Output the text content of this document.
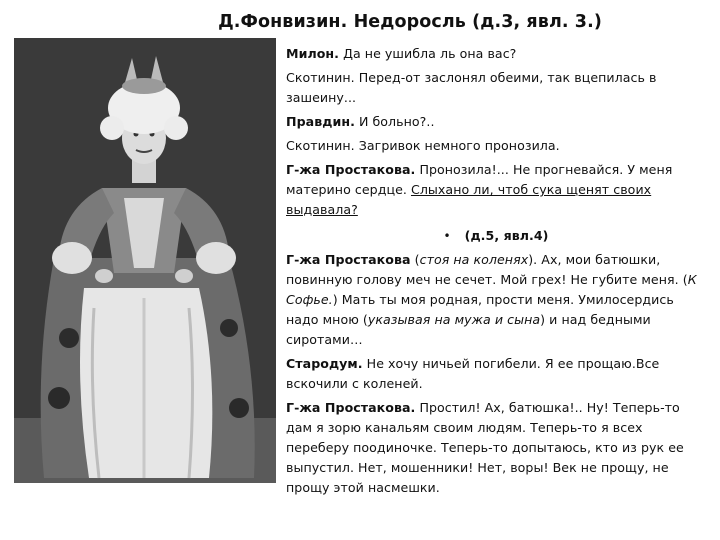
Д.Фонвизин. Недоросль (д.3, явл. 3.)

Милон. Да не ушибла ль она вас?

Скотинин. Перед-от заслонял обеими, так вцепилась в зашеину...

Правдин. И больно?..

Скотинин. Загривок немного пронозила.

Г-жа Простакова. Пронозила!... Не прогневайся. У меня материно сердце. Слыхано ли, чтоб сука щенят своих выдавала?

• (д.5, явл.4)

Г-жа Простакова (стоя на коленях). Ах, мои батюшки, повинную голову меч не сечет. Мой грех! Не губите меня. (К Софье.) Мать ты моя родная, прости меня. Умилосердись надо мною (указывая на мужа и сына) и над бедными сиротами…

Стародум. Не хочу ничьей погибели. Я ее прощаю.Все вскочили с коленей.

Г-жа Простакова. Простил! Ах, батюшка!.. Ну! Теперь-то дам я зорю канальям своим людям. Теперь-то я всех переберу поодиночке. Теперь-то допытаюсь, кто из рук ее выпустил. Нет, мошенники! Нет, воры! Век не прощу, не прощу этой насмешки.
